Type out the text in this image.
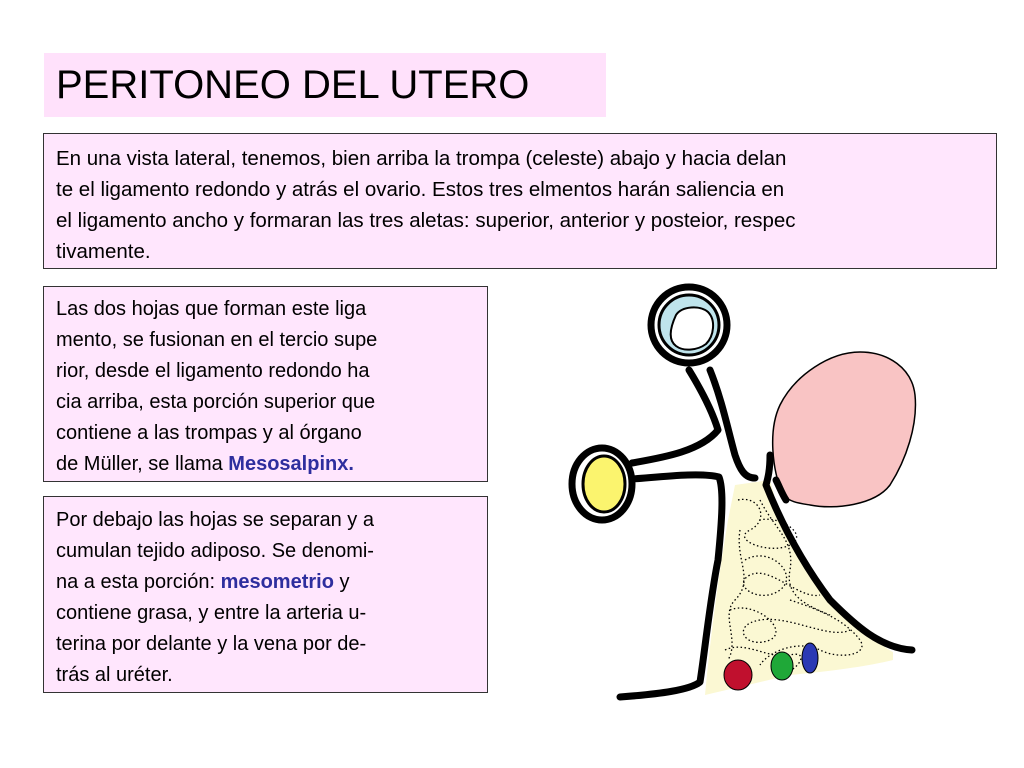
PERITONEO DEL UTERO
En una vista lateral, tenemos, bien arriba la trompa (celeste) abajo y hacia delan
te el ligamento redondo y atrás el ovario. Estos tres elmentos harán saliencia en
el ligamento ancho y formaran las tres aletas: superior, anterior y posteior, respec
tivamente.
Las dos hojas que forman este liga
mento, se fusionan en el tercio supe
rior, desde el ligamento redondo ha
cia arriba, esta porción superior que
contiene a las trompas y al órgano
de Müller, se llama Mesosalpinx.
Por debajo las hojas se separan y a
cumulan tejido adiposo. Se denomi-
na a esta porción: mesometrio y
contiene grasa, y entre la arteria u-
terina por delante y la vena por de-
trás al uréter.
